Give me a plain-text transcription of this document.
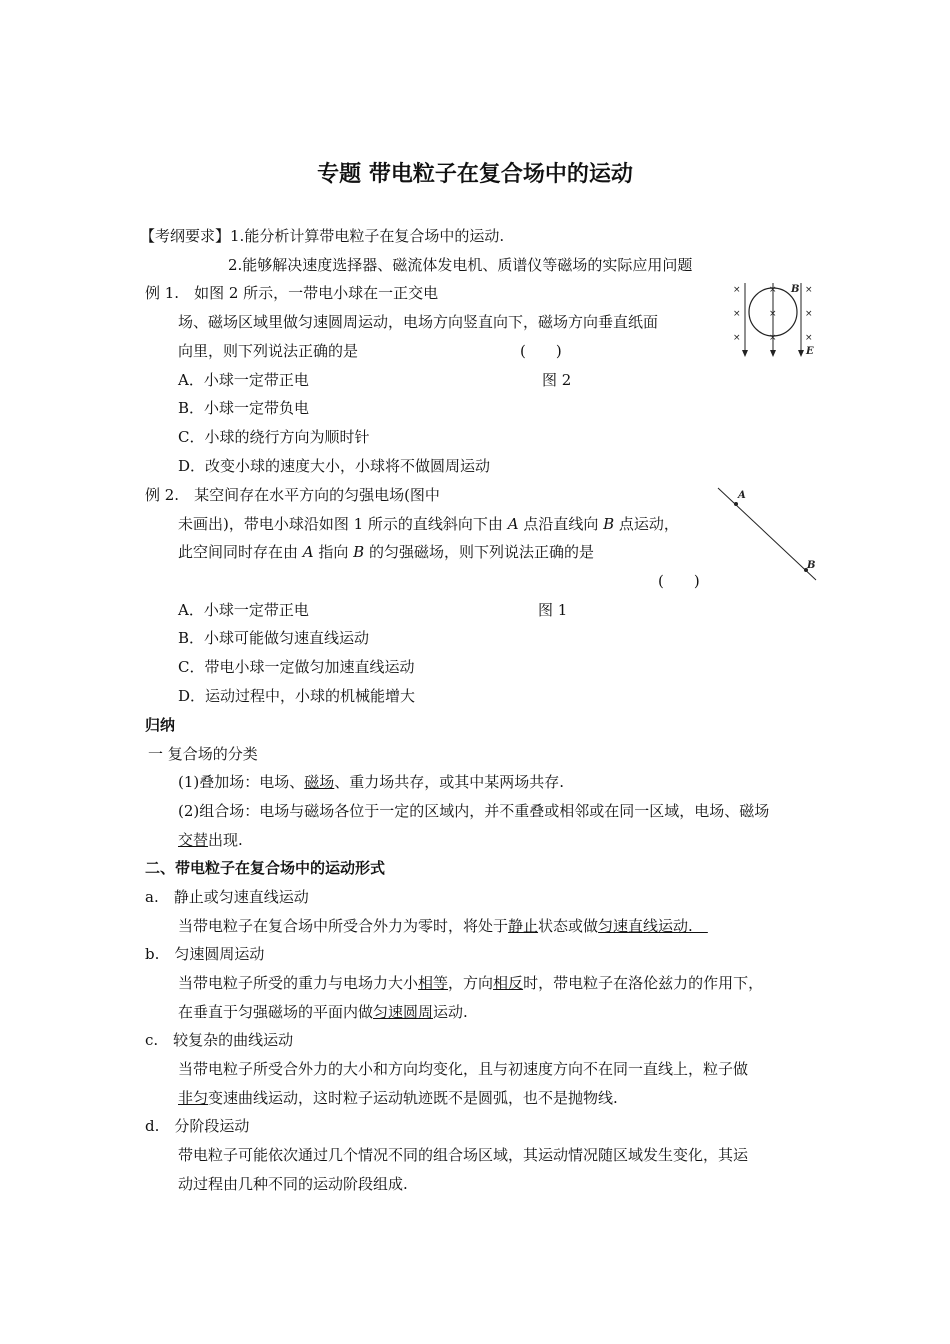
专题 带电粒子在复合场中的运动
【考纲要求】1.能分析计算带电粒子在复合场中的运动.
2.能够解决速度选择器、磁流体发电机、质谱仪等磁场的实际应用问题
例 1.　如图 2 所示，一带电小球在一正交电
场、磁场区域里做匀速圆周运动，电场方向竖直向下，磁场方向垂直纸面
向里，则下列说法正确的是	(　　)
A．小球一定带正电	图 2
B．小球一定带负电
C．小球的绕行方向为顺时针
D．改变小球的速度大小，小球将不做圆周运动
×
×
×
×
×
×
×
×
×
B
E
例 2.　某空间存在水平方向的匀强电场(图中
未画出)，带电小球沿如图 1 所示的直线斜向下由 A 点沿直线向 B 点运动，
此空间同时存在由 A 指向 B 的匀强磁场，则下列说法正确的是
(　　)
A．小球一定带正电	图 1
B．小球可能做匀速直线运动
C．带电小球一定做匀加速直线运动
D．运动过程中，小球的机械能增大
A
B
归纳
一 复合场的分类
(1)叠加场：电场、磁场、重力场共存，或其中某两场共存.
(2)组合场：电场与磁场各位于一定的区域内，并不重叠或相邻或在同一区域，电场、磁场
交替出现.
二、带电粒子在复合场中的运动形式
a.　静止或匀速直线运动
当带电粒子在复合场中所受合外力为零时，将处于静止状态或做匀速直线运动.　
b.　匀速圆周运动
当带电粒子所受的重力与电场力大小相等，方向相反时，带电粒子在洛伦兹力的作用下，
在垂直于匀强磁场的平面内做匀速圆周运动.
c.　较复杂的曲线运动
当带电粒子所受合外力的大小和方向均变化，且与初速度方向不在同一直线上，粒子做
非匀变速曲线运动，这时粒子运动轨迹既不是圆弧，也不是抛物线.
d.　分阶段运动
带电粒子可能依次通过几个情况不同的组合场区域，其运动情况随区域发生变化，其运
动过程由几种不同的运动阶段组成.
